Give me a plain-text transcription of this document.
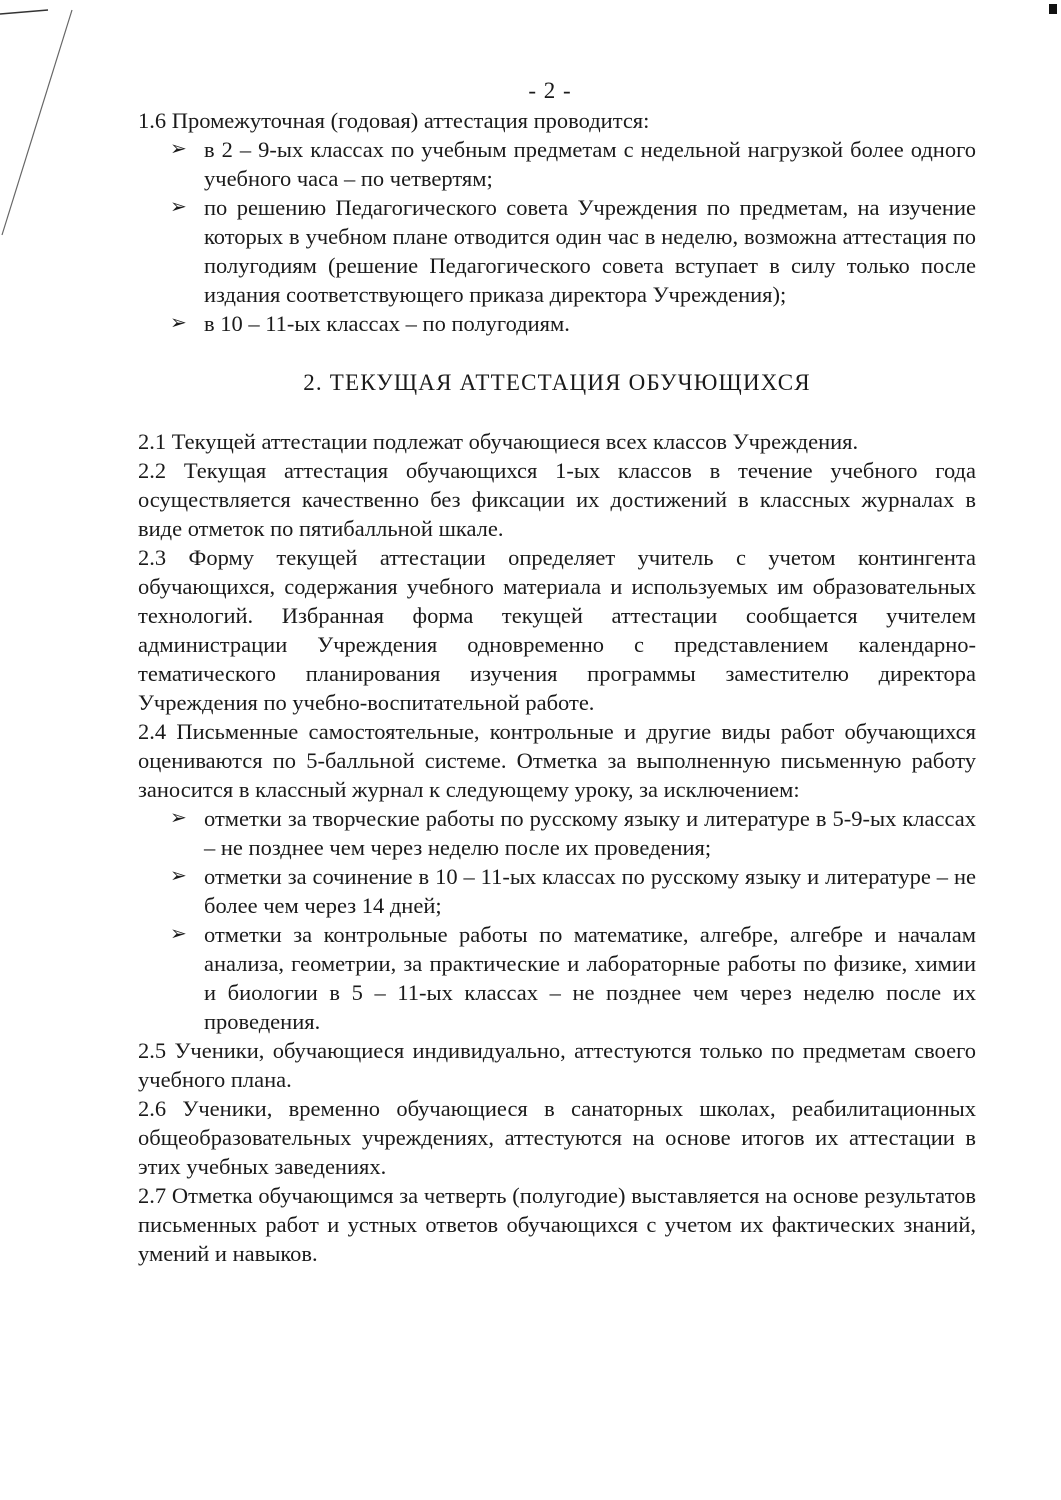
- 2 -

1.6 Промежуточная (годовая) аттестация проводится:

➢ в 2 – 9-ых классах по учебным предметам с недельной нагрузкой более одного учебного часа – по четвертям;
➢ по решению Педагогического совета Учреждения по предметам, на изучение которых в учебном плане отводится один час в неделю, возможна аттестация по полугодиям (решение Педагогического совета вступает в силу только после издания соответствующего приказа директора Учреждения);
➢ в 10 – 11-ых классах – по полугодиям.
2. ТЕКУЩАЯ АТТЕСТАЦИЯ ОБУЧЮЩИХСЯ

2.1 Текущей аттестации подлежат обучающиеся всех классов Учреждения.

2.2 Текущая аттестация обучающихся 1-ых классов в течение учебного года осуществляется качественно без фиксации их достижений в классных журналах в виде отметок по пятибалльной шкале.

2.3 Форму текущей аттестации определяет учитель с учетом контингента обучающихся, содержания учебного материала и используемых им образовательных технологий. Избранная форма текущей аттестации сообщается учителем администрации Учреждения одновременно с представлением календарно-тематического планирования изучения программы заместителю директора Учреждения по учебно-воспитательной работе.

2.4 Письменные самостоятельные, контрольные и другие виды работ обучающихся оцениваются по 5-балльной системе. Отметка за выполненную письменную работу заносится в классный журнал к следующему уроку, за исключением:

➢ отметки за творческие работы по русскому языку и литературе в 5-9-ых классах – не позднее чем через неделю после их проведения;
➢ отметки за сочинение в 10 – 11-ых классах по русскому языку и литературе – не более чем через 14 дней;
➢ отметки за контрольные работы по математике, алгебре, алгебре и началам анализа, геометрии, за практические и лабораторные работы по физике, химии и биологии в 5 – 11-ых классах – не позднее чем через неделю после их проведения.

2.5 Ученики, обучающиеся индивидуально, аттестуются только по предметам своего учебного плана.

2.6 Ученики, временно обучающиеся в санаторных школах, реабилитационных общеобразовательных учреждениях, аттестуются на основе итогов их аттестации в этих учебных заведениях.

2.7 Отметка обучающимся за четверть (полугодие) выставляется на основе результатов письменных работ и устных ответов обучающихся с учетом их фактических знаний, умений и навыков.
